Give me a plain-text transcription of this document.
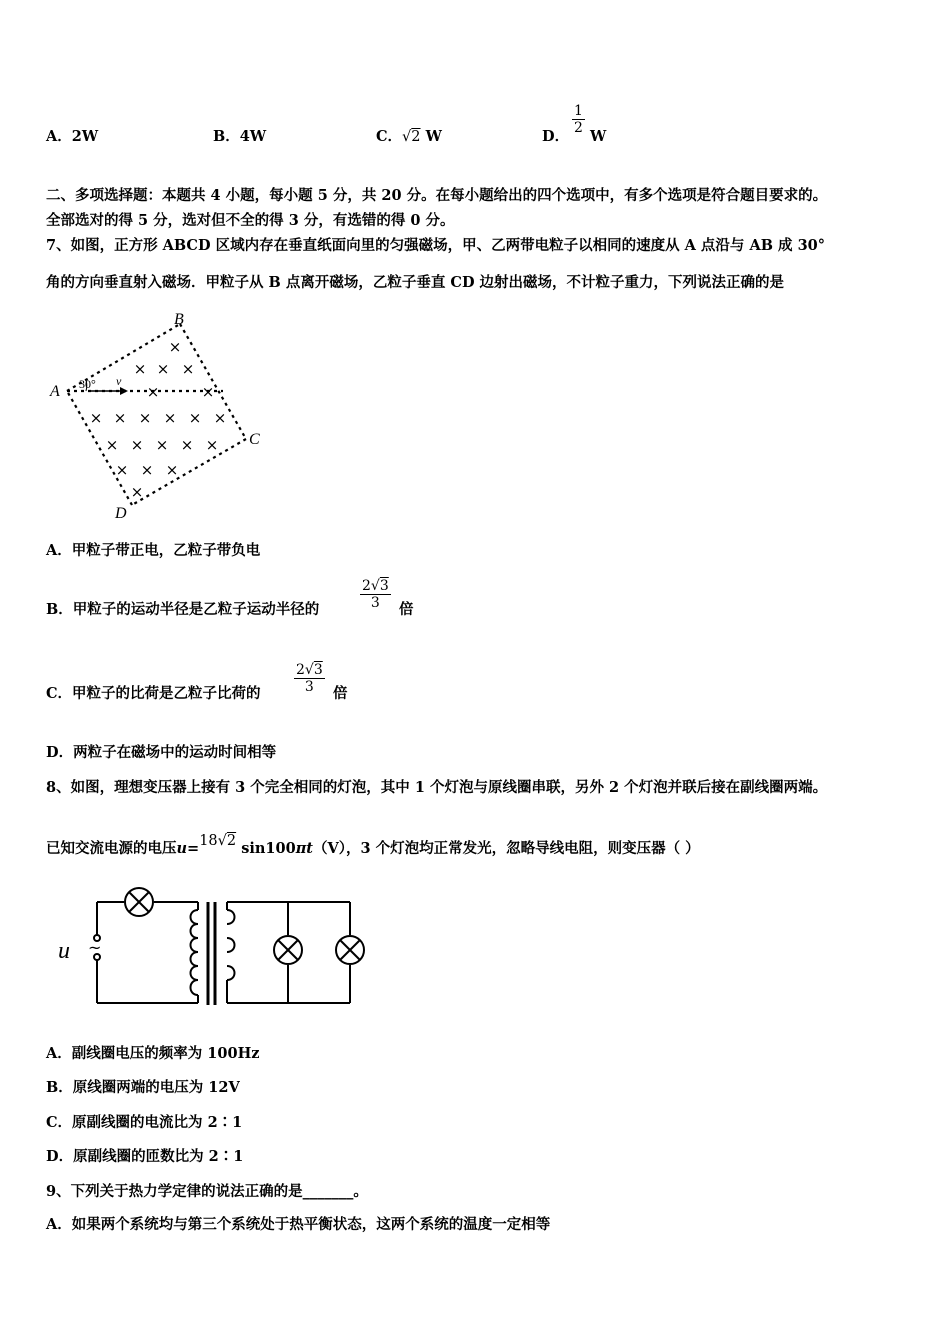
A．2W	B．4W	C．√2 W	D．
$\frac{1}{2}$
W
二、多项选择题：本题共 4 小题，每小题 5 分，共 20 分。在每小题给出的四个选项中，有多个选项是符合题目要求的。
全部选对的得 5 分，选对但不全的得 3 分，有选错的得 0 分。
7、如图，正方形 ABCD 区域内存在垂直纸面向里的匀强磁场，甲、乙两带电粒子以相同的速度从 A 点沿与 AB 成 30°
角的方向垂直射入磁场．甲粒子从 B 点离开磁场，乙粒子垂直 CD 边射出磁场，不计粒子重力，下列说法正确的是
×
× × ×
×	×
× × × × × ×
× × × × ×
× × ×
×
A
B
C
D
v
30°
A．甲粒子带正电，乙粒子带负电
B．甲粒子的运动半径是乙粒子运动半径的	$\frac{2√3}{3}$ 倍
C．甲粒子的比荷是乙粒子比荷的 $\frac{2√3}{3}$ 倍
D．两粒子在磁场中的运动时间相等
8、如图，理想变压器上接有 3 个完全相同的灯泡，其中 1 个灯泡与原线圈串联，另外 2 个灯泡并联后接在副线圈两端。
已知交流电源的电压u=18√2 sin100πt（V），3 个灯泡均正常发光，忽略导线电阻，则变压器（ ）
u ~
A．副线圈电压的频率为 100Hz
B．原线圈两端的电压为 12V
C．原副线圈的电流比为 2∶1
D．原副线圈的匝数比为 2∶1
9、下列关于热力学定律的说法正确的是_______。
A．如果两个系统均与第三个系统处于热平衡状态，这两个系统的温度一定相等
